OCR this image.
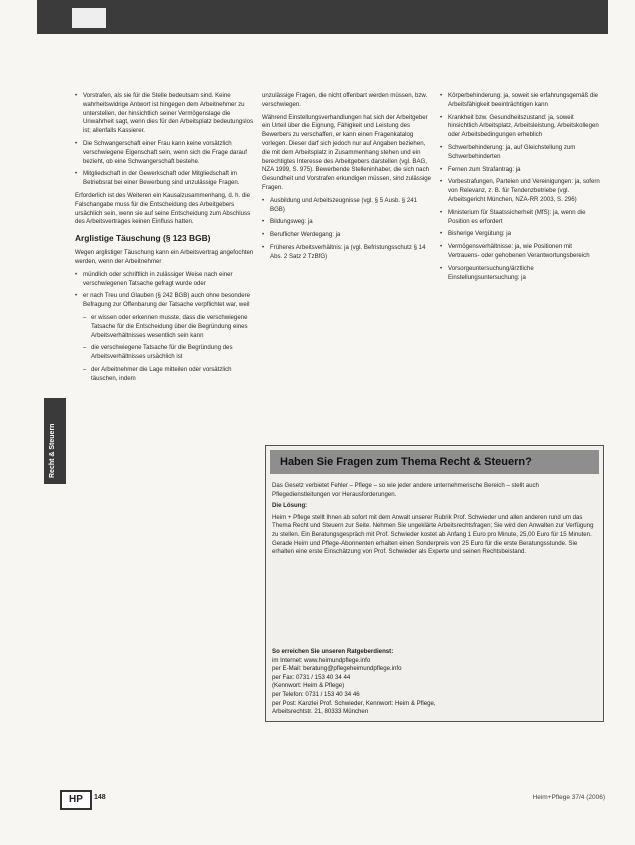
Recht & Steuern
• Vorstrafen, als sie für die Stelle bedeutsam sind. Keine wahrheitswidrige Antwort ist hingegen dem Arbeitnehmer zu unterstellen, der hinsichtlich seiner Vermögenslage die Unwahrheit sagt, wenn dies für den Arbeitsplatz bedeutungslos ist; allenfalls Kassierer.
• Die Schwangerschaft einer Frau kann keine vorsätzlich verschwiegene Eigenschaft sein, wenn sich die Frage darauf bezieht, ob eine Schwangerschaft bestehe.
• Mitgliedschaft in der Gewerkschaft oder Mitgliedschaft im Betriebsrat bei einer Bewerbung sind unzulässige Fragen.

Erforderlich ist des Weiteren ein Kausalzusammenhang, d. h. die Falschangabe muss für die Entscheidung des Arbeitgebers ursächlich sein, wenn sie auf seine Entscheidung zum Abschluss des Arbeitsvertrages keinen Einfluss hatten.

Arglistige Täuschung (§ 123 BGB)

Wegen arglistiger Täuschung kann ein Arbeitsvertrag angefochten werden, wenn der Arbeitnehmer

• mündlich oder schriftlich in zulässiger Weise nach einer verschwiegenen Tatsache gefragt wurde oder
• er nach Treu und Glauben (§ 242 BGB) auch ohne besondere Befragung zur Offenbarung der Tatsache verpflichtet war, weil

– er wissen oder erkennen musste, dass die verschwiegene Tatsache für die Entscheidung über die Begründung eines Arbeitsverhältnisses wesentlich sein kann

– die verschwiegene Tatsache für die Begründung des Arbeitsverhältnisses ursächlich ist

– der Arbeitnehmer die Lage mitteilen oder vorsätzlich täuschen, indem

unzulässige Fragen, die nicht offenbart werden müssen, bzw. verschwiegen.

Während Einstellungsverhandlungen hat sich der Arbeitgeber ein Urteil über die Eignung, Fähigkeit und Leistung des Bewerbers zu verschaffen, er kann einen Fragenkatalog vorlegen. Dieser darf sich jedoch nur auf Angaben beziehen, die mit dem Arbeitsplatz in Zusammenhang stehen und ein berechtigtes Interesse des Arbeitgebers darstellen (vgl. BAG, NZA 1999, S. 975). Bewerbende Stelleninhaber, die sich nach Gesundheit und Vorstrafen erkundigen müssen, sind zulässige Fragen.

• Ausbildung und Arbeitszeugnisse (vgl. § 5 Ausb. § 241 BGB)
• Bildungsweg: ja
• Beruflicher Werdegang: ja
• Früheres Arbeitsverhältnis: ja (vgl. Befristungsschutz § 14 Abs. 2 Satz 2 TzBfG)
• Körperbehinderung: ja, soweit sie erfahrungsgemäß die Arbeitsfähigkeit beeinträchtigen kann
• Krankheit bzw. Gesundheitszustand: ja, soweit hinsichtlich Arbeitsplatz, Arbeitsleistung, Arbeitskollegen oder Arbeitsbedingungen erheblich
• Schwerbehinderung: ja, auf Gleichstellung zum Schwerbehinderten
• Fernen zum Strafantrag: ja
• Vorbestrafungen, Parteien und Vereinigungen: ja, sofern von Relevanz, z. B. für Tendenzbetriebe (vgl. Arbeitsgericht München, NZA-RR 2003, S. 296)
• Ministerium für Staatssicherheit (MfS): ja, wenn die Position es erfordert
• Bisherige Vergütung: ja
• Vermögensverhältnisse: ja, wie Positionen mit Vertrauens- oder gehobenen Verantwortungsbereich
• Vorsorgeuntersuchung/ärztliche Einstellungsuntersuchung: ja
Haben Sie Fragen zum Thema Recht & Steuern?

Das Gesetz verbietet Fehler – Pflege – so wie jeder andere unternehmerische Bereich – stellt auch Pflegedienstleitungen vor Herausforderungen.

Die Lösung:

Heim + Pflege stellt Ihnen ab sofort mit dem Anwalt unserer Rubrik Prof. Schwieder und allen anderen rund um das Thema Recht und Steuern zur Seite. Nehmen Sie ungeklärte Arbeitsrechtsfragen; Sie wird den Anwalten zur Verfügung zu stellen. Ein Beratungsgespräch mit Prof. Schwieder kostet ab Anfang 1 Euro pro Minute, 25,00 Euro für 15 Minuten. Gerade Heim und Pflege-Abonnenten erhalten einen Sonderpreis von 25 Euro für die erste Beratungsstunde. Sie erhalten eine erste Einschätzung von Prof. Schwieder als Experte und seinen Rechtsbeistand.

So erreichen Sie unseren Ratgeberdienst:
im Internet: www.heimundpflege.info
per E-Mail: beratung@pflegeheimundpflege.info
per Fax: 0731 / 153 40 34 44
(Kennwort: Heim & Pflege)
per Telefon: 0731 / 153 40 34 46
per Post: Kanzlei Prof. Schwieder, Kennwort: Heim & Pflege,
Arbeitsrechtstr. 21, 80333 München
HP	148	Heim+Pflege 37/4 (2006)
